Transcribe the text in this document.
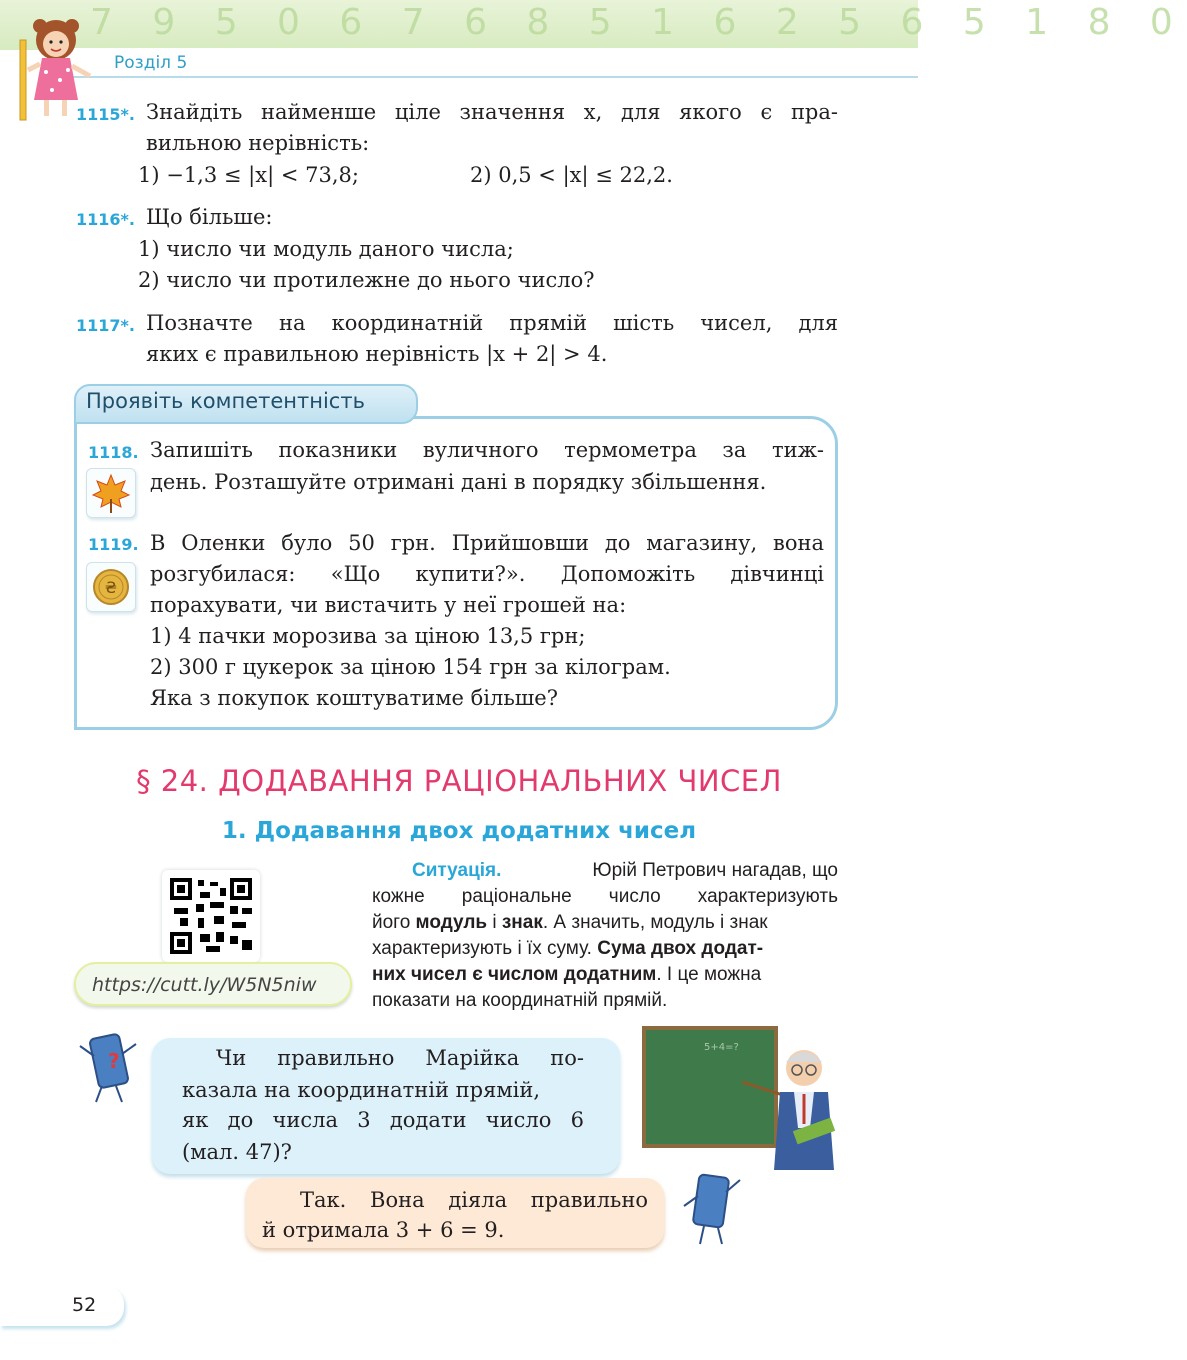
7 9 5 0 6 7 6 8 5 1 6 2 5 6 5 1 8 0
Розділ 5
1115*. Знайдіть найменше ціле значення x, для якого є пра-
вильною нерівність:
1) −1,3 ≤ |x| < 73,8;	2) 0,5 < |x| ≤ 22,2.
1116*. Що більше:
1) число чи модуль даного числа;
2) число чи протилежне до нього число?
1117*. Позначте на координатній прямій шість чисел, для
яких є правильною нерівність |x + 2| > 4.
Проявіть компетентність
1118. Запишіть показники вуличного термометра за тиж-
день. Розташуйте отримані дані в порядку збільшення.
1119.
₴
В Оленки було 50 грн. Прийшовши до магазину, вона
розгубилася: «Що купити?». Допоможіть дівчинці
порахувати, чи вистачить у неї грошей на:
1) 4 пачки морозива за ціною 13,5 грн;
2) 300 г цукерок за ціною 154 грн за кілограм.
Яка з покупок коштуватиме більше?
§ 24. ДОДАВАННЯ РАЦІОНАЛЬНИХ ЧИСЕЛ
1. Додавання двох додатних чисел
https://cutt.ly/W5N5niw
Ситуація.	Юрій Петрович нагадав, що
кожне раціональне число характеризують
його модуль і знак. А значить, модуль і знак
характеризують і їх суму. Сума двох додат-
них чисел є числом додатним. І це можна
показати на координатній прямій.
?	Чи правильно Марійка по-
казала на координатній прямій,
як до числа 3 додати число 6
(мал. 47)?
5+4=?
Так. Вона діяла правильно
й отримала 3 + 6 = 9.
52
